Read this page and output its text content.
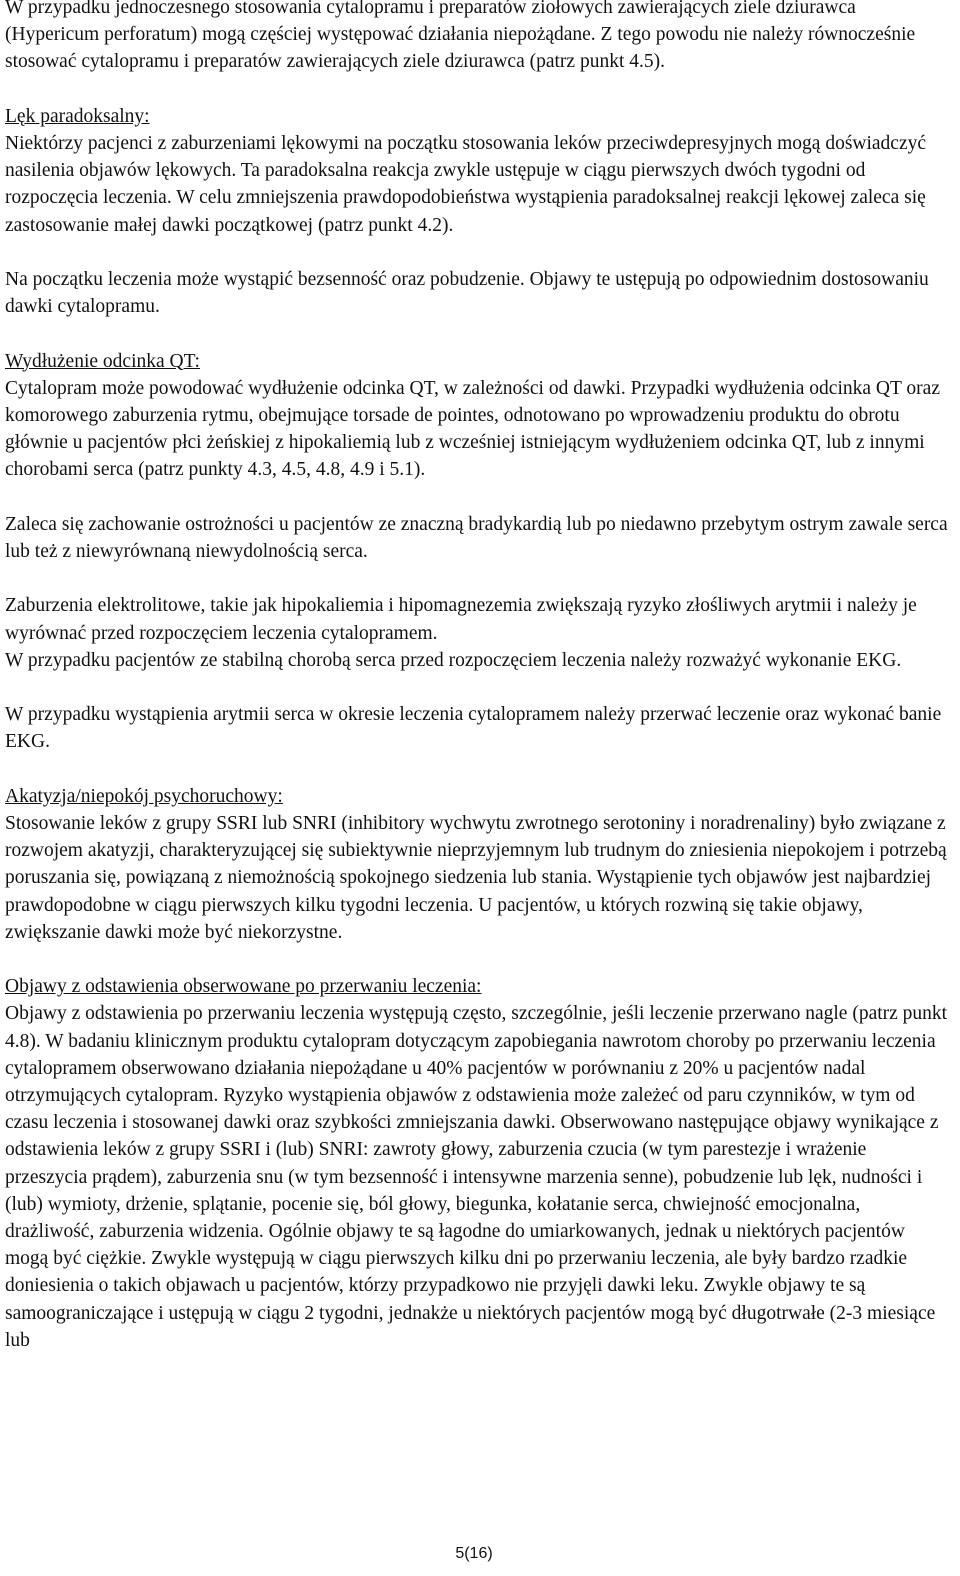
W przypadku jednoczesnego stosowania cytalopramu i preparatów ziołowych zawierających ziele dziurawca (Hypericum perforatum) mogą częściej występować działania niepożądane. Z tego powodu nie należy równocześnie stosować cytalopramu i preparatów zawierających ziele dziurawca (patrz punkt 4.5).

Lęk paradoksalny:
Niektórzy pacjenci z zaburzeniami lękowymi na początku stosowania leków przeciwdepresyjnych mogą doświadczyć nasilenia objawów lękowych. Ta paradoksalna reakcja zwykle ustępuje w ciągu pierwszych dwóch tygodni od rozpoczęcia leczenia. W celu zmniejszenia prawdopodobieństwa wystąpienia paradoksalnej reakcji lękowej zaleca się zastosowanie małej dawki początkowej (patrz punkt 4.2).

Na początku leczenia może wystąpić bezsenność oraz pobudzenie. Objawy te ustępują po odpowiednim dostosowaniu dawki cytalopramu.

Wydłużenie odcinka QT:
Cytalopram może powodować wydłużenie odcinka QT, w zależności od dawki. Przypadki wydłużenia odcinka QT oraz komorowego zaburzenia rytmu, obejmujące torsade de pointes, odnotowano po wprowadzeniu produktu do obrotu głównie u pacjentów płci żeńskiej z hipokaliemią lub z wcześniej istniejącym wydłużeniem odcinka QT, lub z innymi chorobami serca (patrz punkty 4.3, 4.5, 4.8, 4.9 i 5.1).

Zaleca się zachowanie ostrożności u pacjentów ze znaczną bradykardią lub po niedawno przebytym ostrym zawale serca lub też z niewyrównaną niewydolnością serca.

Zaburzenia elektrolitowe, takie jak hipokaliemia i hipomagnezemia zwiększają ryzyko złośliwych arytmii i należy je wyrównać przed rozpoczęciem leczenia cytalopramem.
W przypadku pacjentów ze stabilną chorobą serca przed rozpoczęciem leczenia należy rozważyć wykonanie EKG.

W przypadku wystąpienia arytmii serca w okresie leczenia cytalopramem należy przerwać leczenie oraz wykonać banie EKG.

Akatyzja/niepokój psychoruchowy:
Stosowanie leków z grupy SSRI lub SNRI (inhibitory wychwytu zwrotnego serotoniny i noradrenaliny) było związane z rozwojem akatyzji, charakteryzującej się subiektywnie nieprzyjemnym lub trudnym do zniesienia niepokojem i potrzebą poruszania się, powiązaną z niemożnością spokojnego siedzenia lub stania. Wystąpienie tych objawów jest najbardziej prawdopodobne w ciągu pierwszych kilku tygodni leczenia. U pacjentów, u których rozwiną się takie objawy, zwiększanie dawki może być niekorzystne.
Objawy z odstawienia obserwowane po przerwaniu leczenia:
Objawy z odstawienia po przerwaniu leczenia występują często, szczególnie, jeśli leczenie przerwano nagle (patrz punkt 4.8). W badaniu klinicznym produktu cytalopram dotyczącym zapobiegania nawrotom choroby po przerwaniu leczenia cytalopramem obserwowano działania niepożądane u 40% pacjentów w porównaniu z 20% u pacjentów nadal otrzymujących cytalopram. Ryzyko wystąpienia objawów z odstawienia może zależeć od paru czynników, w tym od czasu leczenia i stosowanej dawki oraz szybkości zmniejszania dawki. Obserwowano następujące objawy wynikające z odstawienia leków z grupy SSRI i (lub) SNRI: zawroty głowy, zaburzenia czucia (w tym parestezje i wrażenie przeszycia prądem), zaburzenia snu (w tym bezsenność i intensywne marzenia senne), pobudzenie lub lęk, nudności i (lub) wymioty, drżenie, splątanie, pocenie się, ból głowy, biegunka, kołatanie serca, chwiejność emocjonalna, drażliwość, zaburzenia widzenia. Ogólnie objawy te są łagodne do umiarkowanych, jednak u niektórych pacjentów mogą być ciężkie. Zwykle występują w ciągu pierwszych kilku dni po przerwaniu leczenia, ale były bardzo rzadkie doniesienia o takich objawach u pacjentów, którzy przypadkowo nie przyjęli dawki leku. Zwykle objawy te są samoograniczające i ustępują w ciągu 2 tygodni, jednakże u niektórych pacjentów mogą być długotrwałe (2-3 miesiące lub
5(16)
